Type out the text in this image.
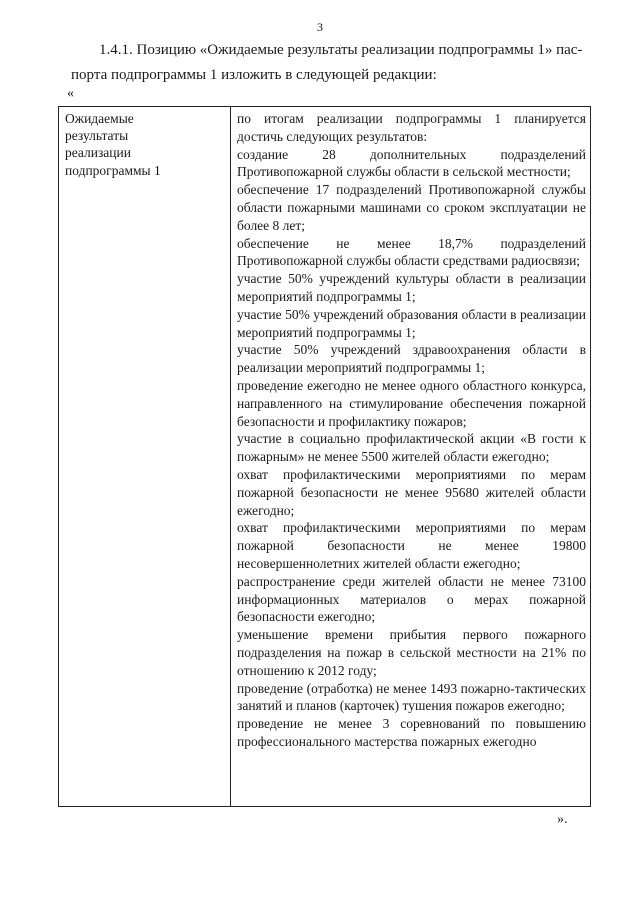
3
1.4.1. Позицию «Ожидаемые результаты реализации подпрограммы 1» пас-
порта подпрограммы 1 изложить в следующей редакции:
«
Ожидаемые
результаты
реализации
подпрограммы 1

по итогам реализации подпрограммы 1 планируется достичь следующих результатов:

создание 28 дополнительных подразделений Противопожарной службы области в сельской местности;

обеспечение 17 подразделений Противопожарной службы области пожарными машинами со сроком эксплуатации не более 8 лет;

обеспечение не менее 18,7% подразделений Противопожарной службы области средствами радиосвязи;

участие 50% учреждений культуры области в реализации мероприятий подпрограммы 1;

участие 50% учреждений образования области в реализации мероприятий подпрограммы 1;

участие 50% учреждений здравоохранения области в реализации мероприятий подпрограммы 1;

проведение ежегодно не менее одного областного конкурса, направленного на стимулирование обеспечения пожарной безопасности и профилактику пожаров;

участие в социально профилактической акции «В гости к пожарным» не менее 5500 жителей области ежегодно;

охват профилактическими мероприятиями по мерам пожарной безопасности не менее 95680 жителей области ежегодно;

охват профилактическими мероприятиями по мерам пожарной безопасности не менее 19800 несовершеннолетних жителей области ежегодно;

распространение среди жителей области не менее 73100 информационных материалов о мерах пожарной безопасности ежегодно;

уменьшение времени прибытия первого пожарного подразделения на пожар в сельской местности на 21% по отношению к 2012 году;

проведение (отработка) не менее 1493 пожарно-тактических занятий и планов (карточек) тушения пожаров ежегодно;

проведение не менее 3 соревнований по повышению профессионального мастерства пожарных ежегодно

».
